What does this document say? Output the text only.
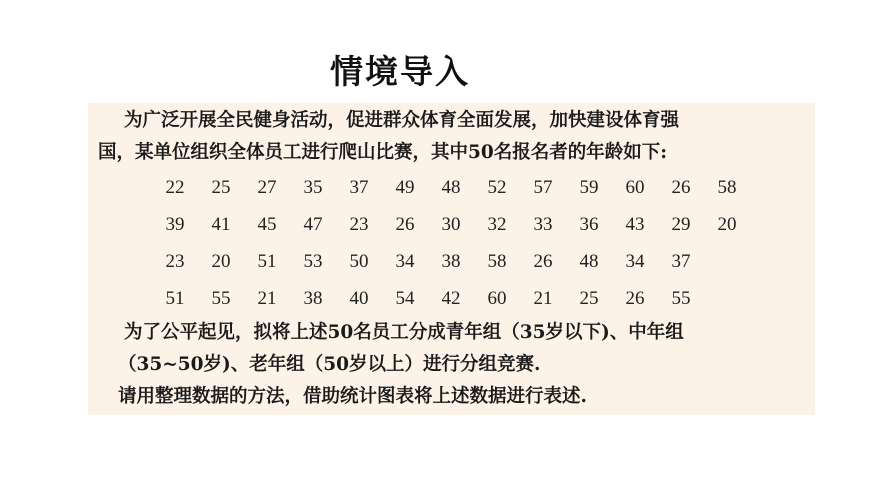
情境导入
为广泛开展全民健身活动，促进群众体育全面发展，加快建设体育强
国，某单位组织全体员工进行爬山比赛，其中50名报名者的年龄如下:
22	25	27	35	37	49	48	52	57	59	60	26	58
39	41	45	47	23	26	30	32	33	36	43	29	20
23	20	51	53	50	34	38	58	26	48	34	37
51	55	21	38	40	54	42	60	21	25	26	55
为了公平起见，拟将上述50名员工分成青年组（35岁以下)、中年组
（35~50岁)、老年组（50岁以上）进行分组竞赛.
请用整理数据的方法，借助统计图表将上述数据进行表述.
